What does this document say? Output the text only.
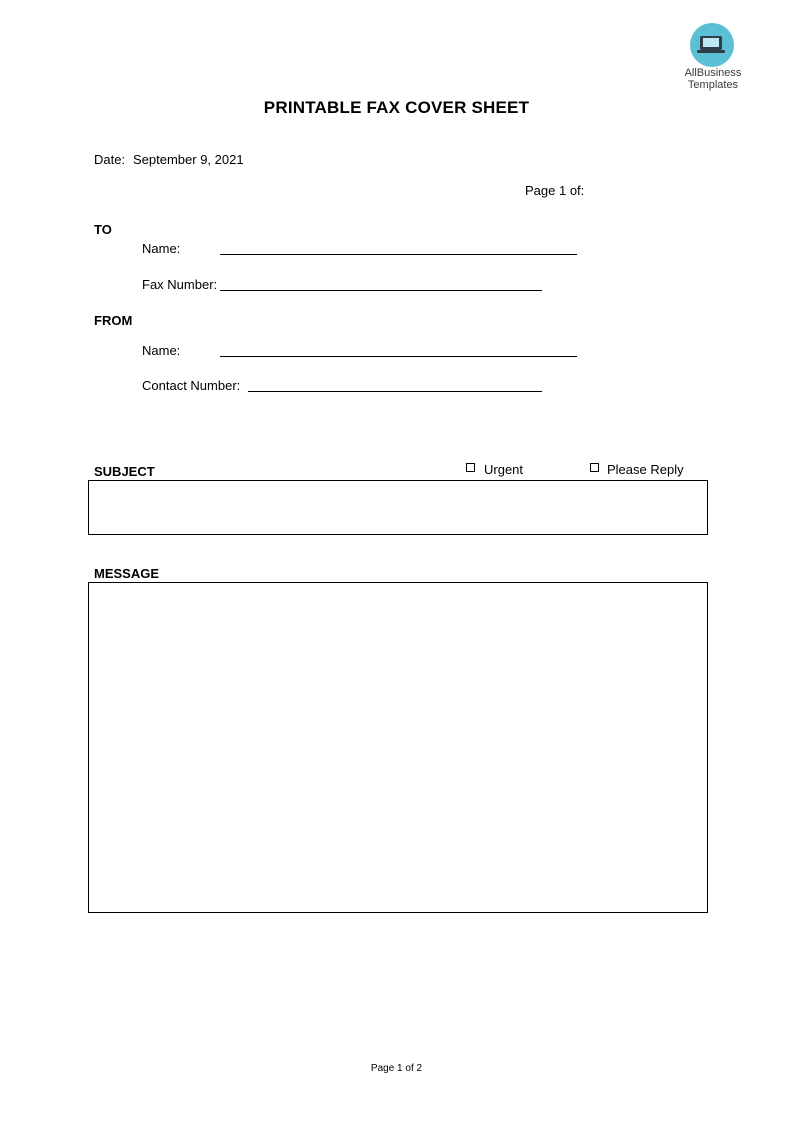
AllBusiness
Templates
PRINTABLE FAX COVER SHEET
Date: September 9, 2021
Page 1 of:
TO
Name:
Fax Number:
FROM
Name:
Contact Number:
SUBJECT	Urgent	Please Reply
MESSAGE
Page 1 of 2
